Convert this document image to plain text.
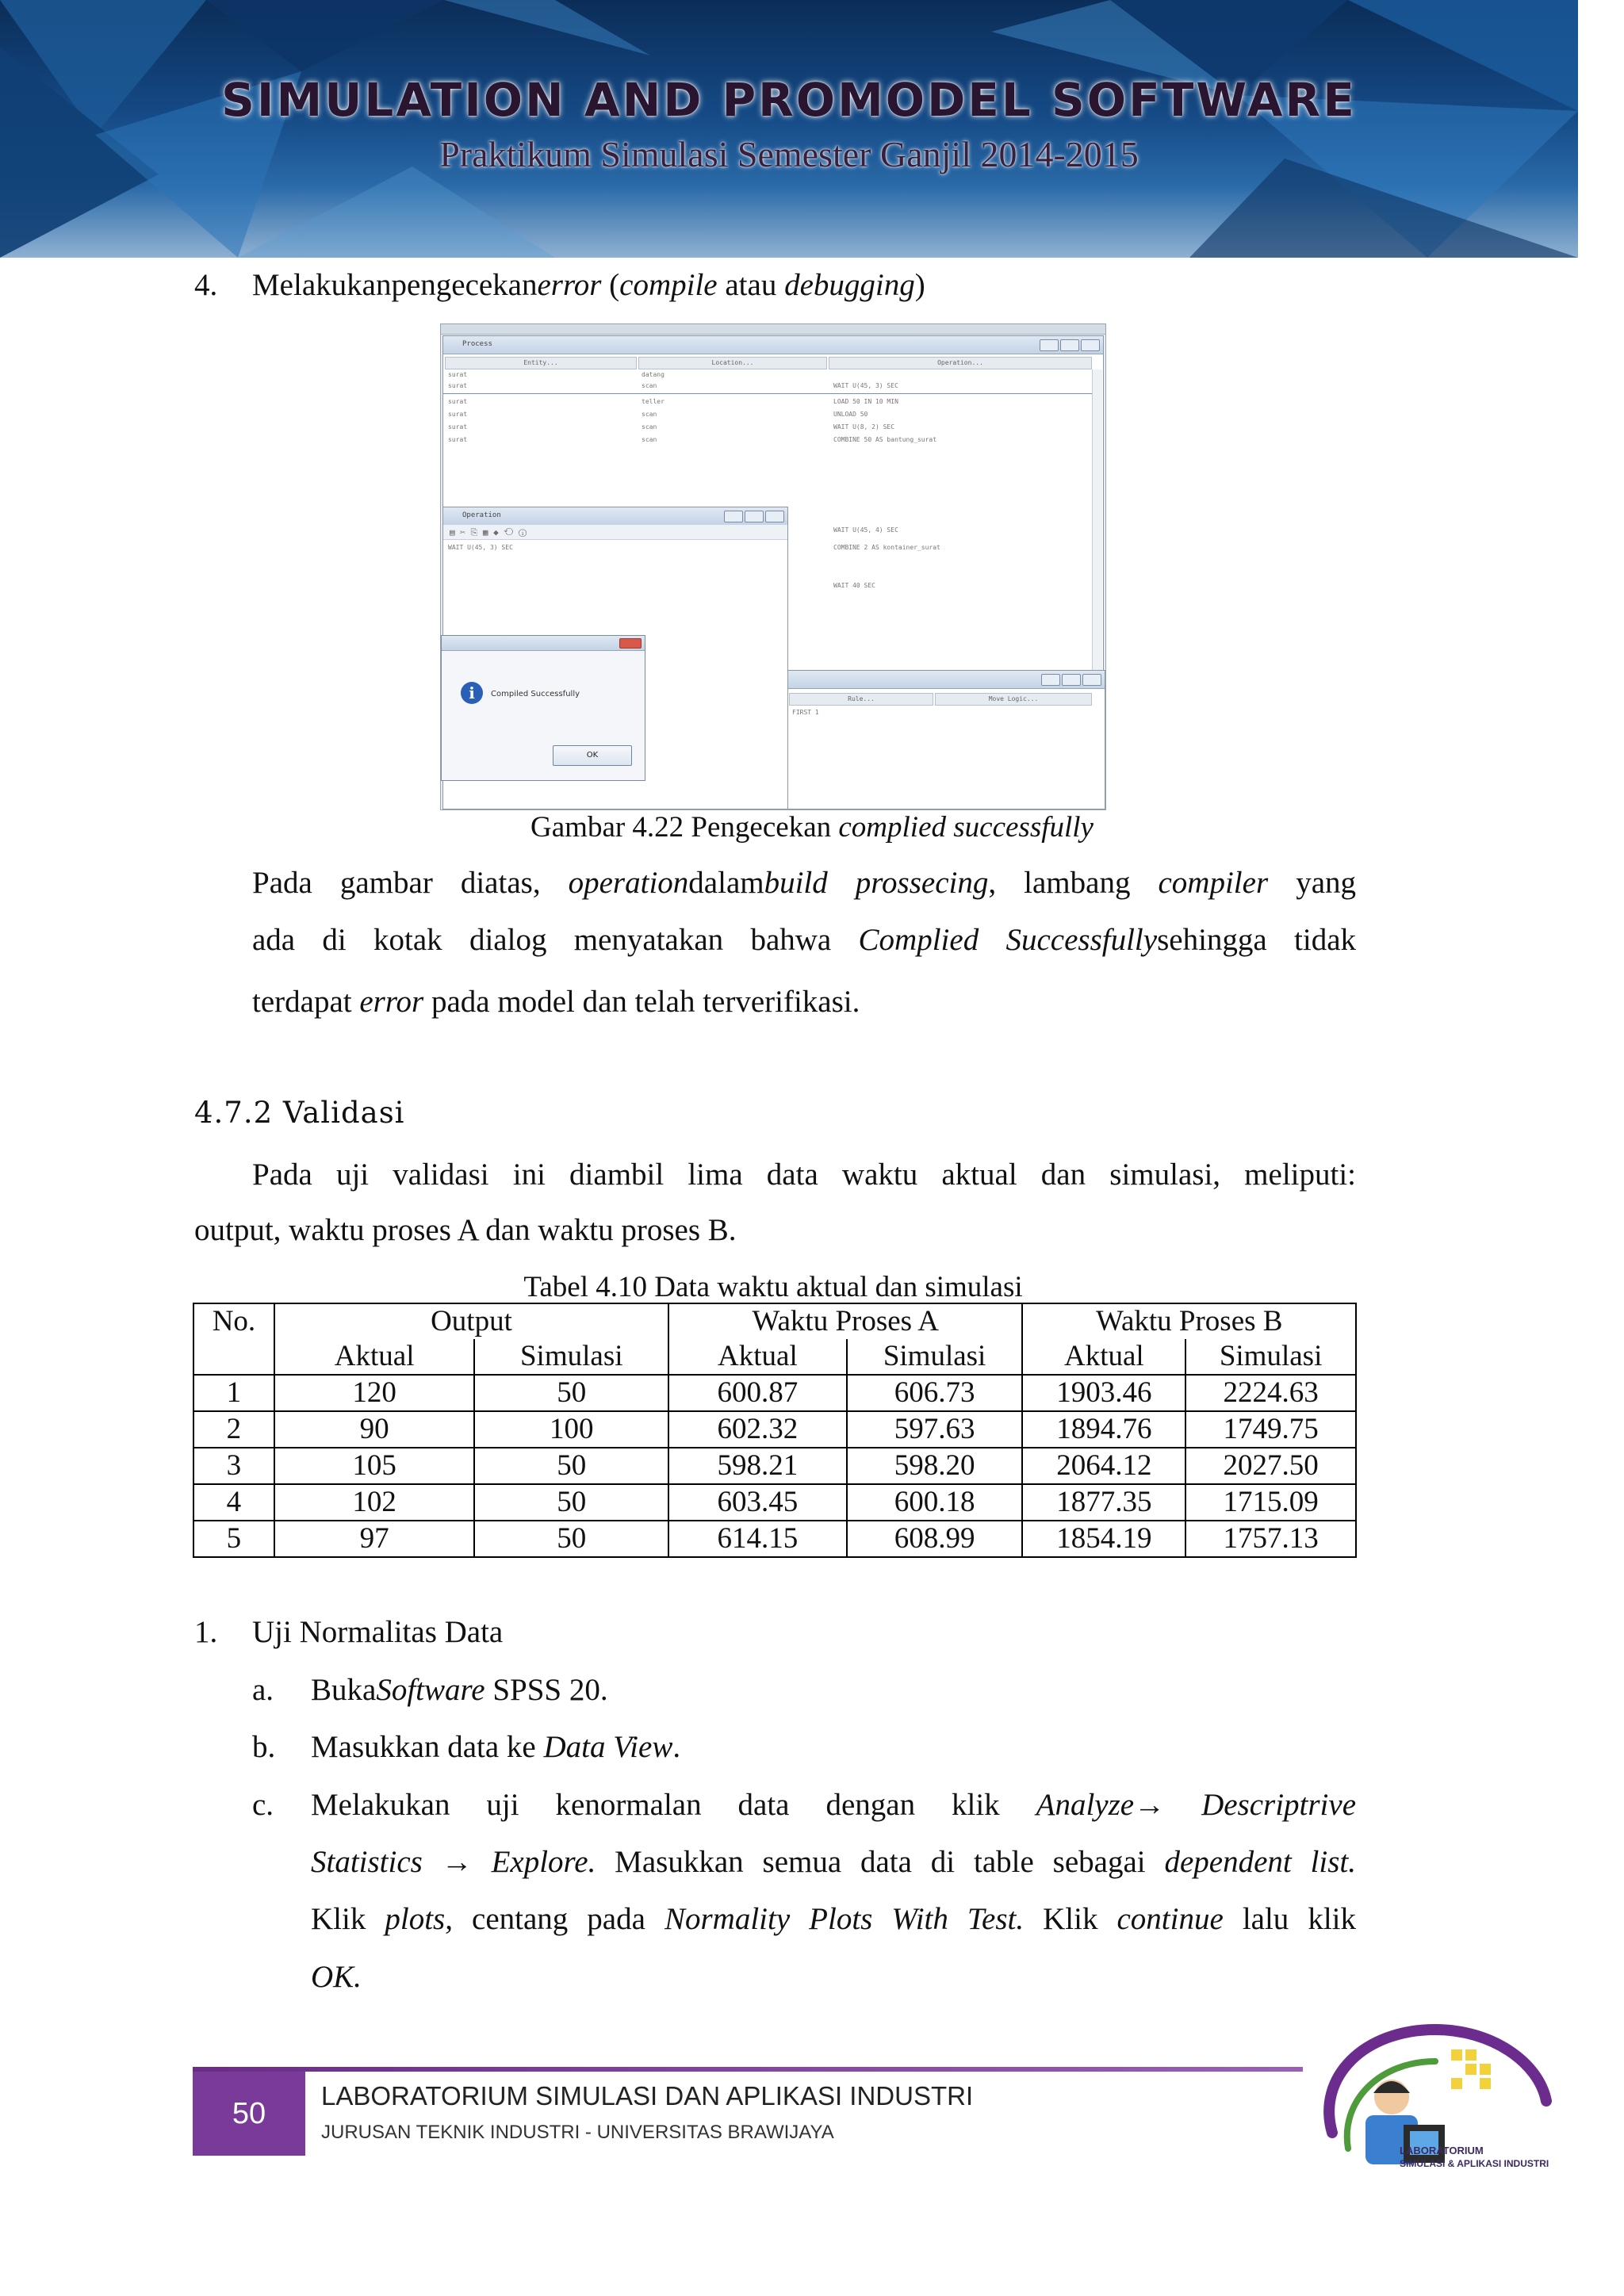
SIMULATION AND PROMODEL SOFTWARE
Praktikum Simulasi Semester Ganjil 2014-2015
4. Melakukanpengecekanerror (compile atau debugging)
Process
Entity...	Location...	Operation...
surat	datang
surat	scan	WAIT U(45, 3) SEC
surat	teller	LOAD 50 IN 10 MIN
surat	scan	UNLOAD 50
surat	scan	WAIT U(8, 2) SEC
surat	scan	COMBINE 50 AS bantung_surat
WAIT U(45, 4) SEC
COMBINE 2 AS kontainer_surat
WAIT 40 SEC
Rule...	Move Logic...
FIRST 1
Operation
▤ ✂ ⎘ ▦ ◆ ⟲ ⓘ
WAIT U(45, 3) SEC
i	Compiled Successfully
OK
Gambar 4.22 Pengecekan complied successfully
Pada gambar diatas, operationdalambuild prossecing, lambang compiler yang
ada di kotak dialog menyatakan bahwa Complied Successfullysehingga tidak
terdapat error pada model dan telah terverifikasi.
4.7.2 Validasi
Pada uji validasi ini diambil lima data waktu aktual dan simulasi, meliputi:
output, waktu proses A dan waktu proses B.
Tabel 4.10 Data waktu aktual dan simulasi
No.	Output		Waktu Proses A		Waktu Proses B	
	Aktual	Simulasi	Aktual	Simulasi	Aktual	Simulasi
1	120	50	600.87	606.73	1903.46	2224.63
2	90	100	602.32	597.63	1894.76	1749.75
3	105	50	598.21	598.20	2064.12	2027.50
4	102	50	603.45	600.18	1877.35	1715.09
5	97	50	614.15	608.99	1854.19	1757.13
1. Uji Normalitas Data
a. BukaSoftware SPSS 20.
b. Masukkan data ke Data View.
c. Melakukan uji kenormalan data dengan klik Analyze→ Descriptrive
Statistics → Explore. Masukkan semua data di table sebagai dependent list.
Klik plots, centang pada Normality Plots With Test. Klik continue lalu klik
OK.
50
LABORATORIUM SIMULASI DAN APLIKASI INDUSTRI
JURUSAN TEKNIK INDUSTRI - UNIVERSITAS BRAWIJAYA
LABORATORIUM
SIMULASI & APLIKASI INDUSTRI
